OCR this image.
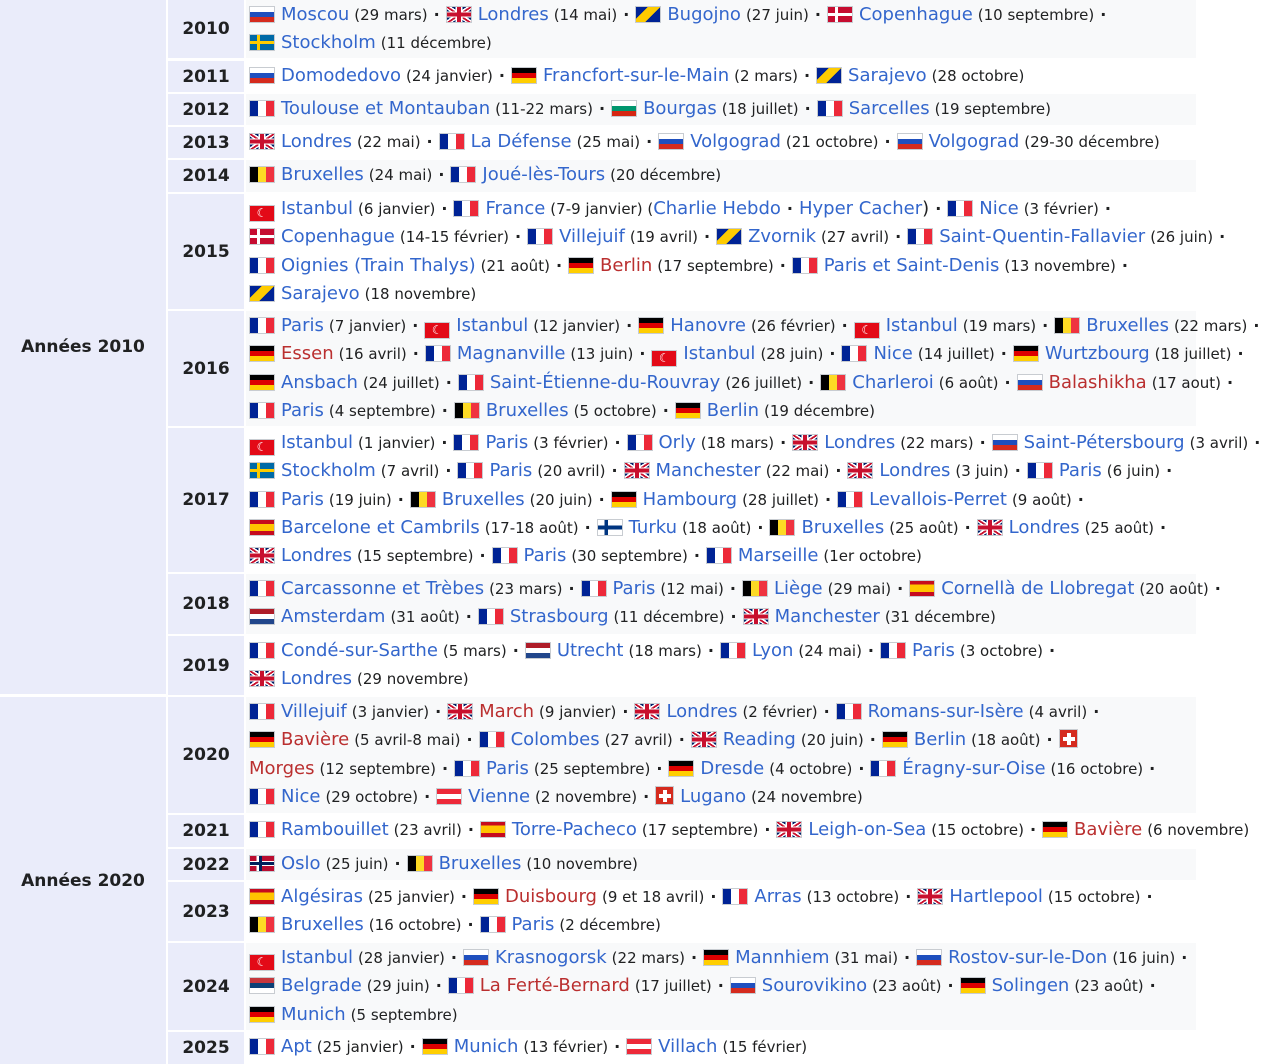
Années 2010
Années 2020
2010
Moscou (29 mars) · Londres (14 mai) · Bugojno (27 juin) · Copenhague (10 septembre) ·
Stockholm (11 décembre)
2011	Domodedovo (24 janvier) · Francfort-sur-le-Main (2 mars) · Sarajevo (28 octobre)
2012	Toulouse et Montauban (11-22 mars) · Bourgas (18 juillet) · Sarcelles (19 septembre)
2013	Londres (22 mai) · La Défense (25 mai) · Volgograd (21 octobre) · Volgograd (29-30 décembre)
2014	Bruxelles (24 mai) · Joué-lès-Tours (20 décembre)
2015
☾Istanbul (6 janvier) · France (7-9 janvier) (Charlie Hebdo · Hyper Cacher) · Nice (3 février) ·
Copenhague (14-15 février) · Villejuif (19 avril) · Zvornik (27 avril) · Saint-Quentin-Fallavier (26 juin) ·
Oignies (Train Thalys) (21 août) · Berlin (17 septembre) · Paris et Saint-Denis (13 novembre) ·
Sarajevo (18 novembre)
2016
Paris (7 janvier) · ☾ Istanbul (12 janvier) · Hanovre (26 février) · ☾ Istanbul (19 mars) · Bruxelles (22 mars) ·
Essen (16 avril) · Magnanville (13 juin) · ☾ Istanbul (28 juin) · Nice (14 juillet) · Wurtzbourg (18 juillet) ·
Ansbach (24 juillet) · Saint-Étienne-du-Rouvray (26 juillet) · Charleroi (6 août) · Balashikha (17 aout) ·
Paris (4 septembre) · Bruxelles (5 octobre) · Berlin (19 décembre)
2017
☾Istanbul (1 janvier) · Paris (3 février) · Orly (18 mars) · Londres (22 mars) · Saint-Pétersbourg (3 avril) ·
Stockholm (7 avril) · Paris (20 avril) · Manchester (22 mai) · Londres (3 juin) · Paris (6 juin) ·
Paris (19 juin) · Bruxelles (20 juin) · Hambourg (28 juillet) · Levallois-Perret (9 août) ·
Barcelone et Cambrils (17-18 août) · Turku (18 août) · Bruxelles (25 août) · Londres (25 août) ·
Londres (15 septembre) · Paris (30 septembre) · Marseille (1er octobre)
2018
Carcassonne et Trèbes (23 mars) · Paris (12 mai) · Liège (29 mai) · Cornellà de Llobregat (20 août) ·
Amsterdam (31 août) · Strasbourg (11 décembre) · Manchester (31 décembre)
2019
Condé-sur-Sarthe (5 mars) · Utrecht (18 mars) · Lyon (24 mai) · Paris (3 octobre) ·
Londres (29 novembre)
2020
Villejuif (3 janvier) · March (9 janvier) · Londres (2 février) · Romans-sur-Isère (4 avril) ·
Bavière (5 avril-8 mai) · Colombes (27 avril) · Reading (20 juin) · Berlin (18 août) ·
Morges (12 septembre) · Paris (25 septembre) · Dresde (4 octobre) · Éragny-sur-Oise (16 octobre) ·
Nice (29 octobre) · Vienne (2 novembre) · Lugano (24 novembre)
2021	Rambouillet (23 avril) · Torre-Pacheco (17 septembre) · Leigh-on-Sea (15 octobre) · Bavière (6 novembre)
2022	Oslo (25 juin) · Bruxelles (10 novembre)
2023
Algésiras (25 janvier) · Duisbourg (9 et 18 avril) · Arras (13 octobre) · Hartlepool (15 octobre) ·
Bruxelles (16 octobre) · Paris (2 décembre)
2024
☾Istanbul (28 janvier) · Krasnogorsk (22 mars) · Mannhiem (31 mai) · Rostov-sur-le-Don (16 juin) ·
Belgrade (29 juin) · La Ferté-Bernard (17 juillet) · Sourovikino (23 août) · Solingen (23 août) ·
Munich (5 septembre)
2025	Apt (25 janvier) · Munich (13 février) · Villach (15 février)
